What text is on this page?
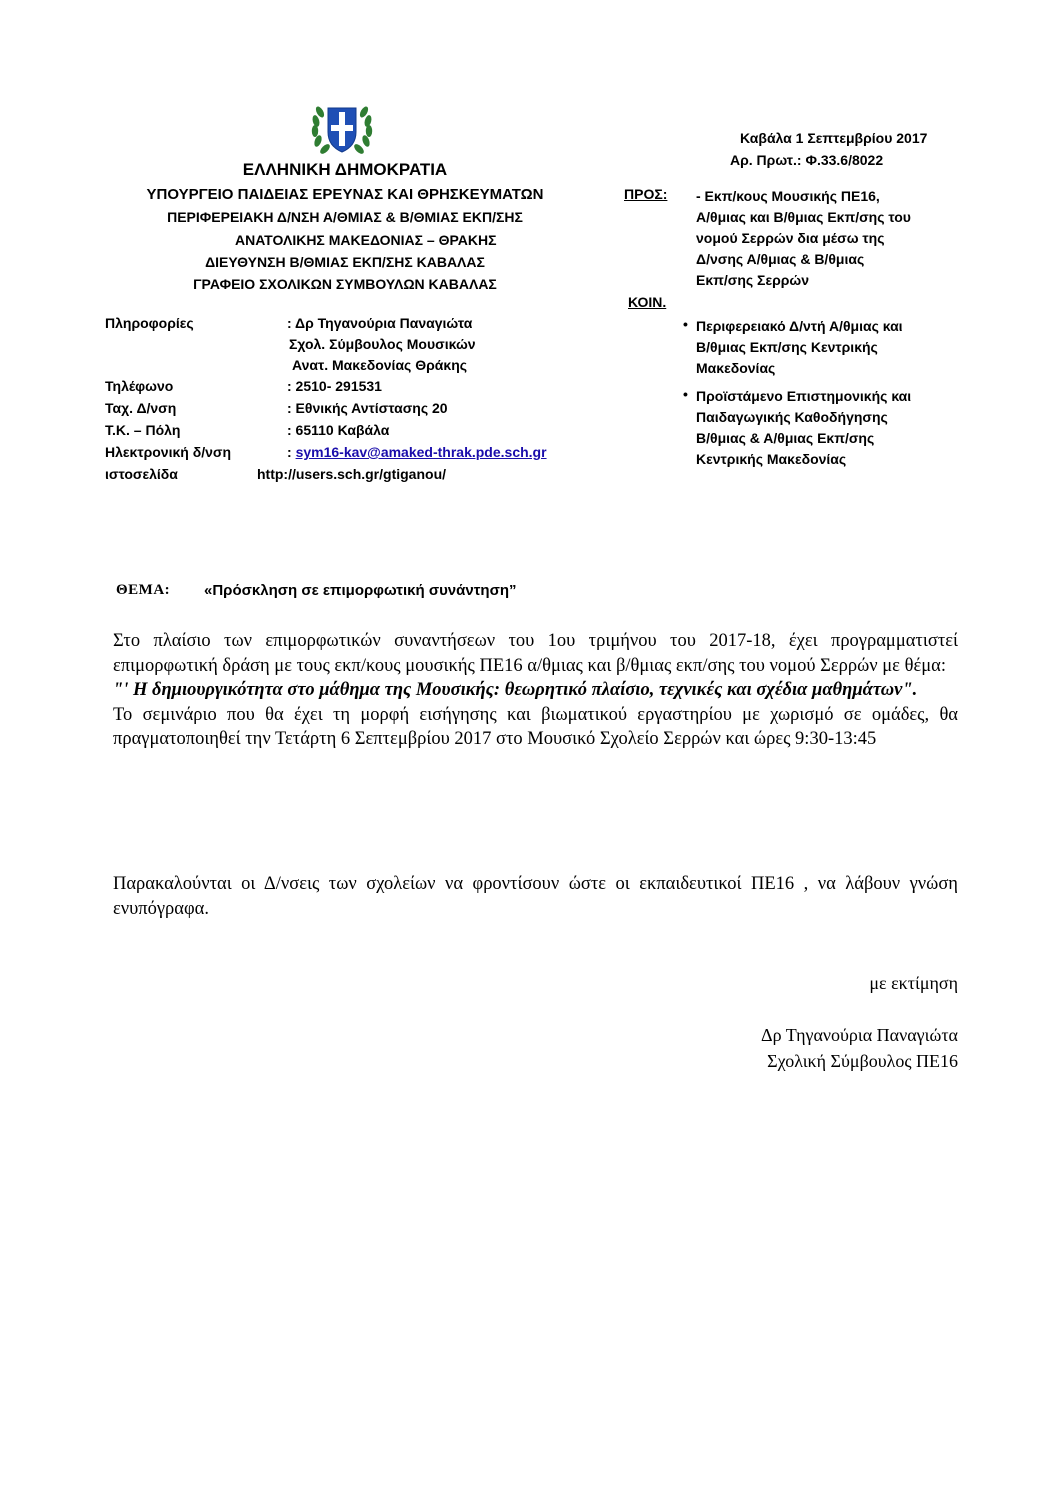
ΕΛΛΗΝΙΚΗ ΔΗΜΟΚΡΑΤΙΑ
ΥΠΟΥΡΓΕΙΟ ΠΑΙΔΕΙΑΣ ΕΡΕΥΝΑΣ ΚΑΙ ΘΡΗΣΚΕΥΜΑΤΩΝ
ΠΕΡΙΦΕΡΕΙΑΚΗ Δ/ΝΣΗ Α/ΘΜΙΑΣ & Β/ΘΜΙΑΣ ΕΚΠ/ΣΗΣ
ΑΝΑΤΟΛΙΚΗΣ ΜΑΚΕΔΟΝΙΑΣ – ΘΡΑΚΗΣ
ΔΙΕΥΘΥΝΣΗ Β/ΘΜΙΑΣ ΕΚΠ/ΣΗΣ ΚΑΒΑΛΑΣ
ΓΡΑΦΕΙΟ ΣΧΟΛΙΚΩΝ ΣΥΜΒΟΥΛΩΝ ΚΑΒΑΛΑΣ
Πληροφορίες	: Δρ Τηγανούρια Παναγιώτα
Σχολ. Σύμβουλος Μουσικών
Ανατ. Μακεδονίας Θράκης
Τηλέφωνο	: 2510- 291531
Ταχ. Δ/νση	: Εθνικής Αντίστασης 20
Τ.Κ. – Πόλη	: 65110 Καβάλα
Ηλεκτρονική δ/νση	: sym16-kav@amaked-thrak.pde.sch.gr
ιστοσελίδα	http://users.sch.gr/gtiganou/
Καβάλα 1 Σεπτεμβρίου 2017
Αρ. Πρωτ.: Φ.33.6/8022
ΠΡΟΣ: - Εκπ/κους Μουσικής ΠΕ16,
Α/θμιας και Β/θμιας Εκπ/σης του
νομού Σερρών δια μέσω της
Δ/νσης Α/θμιας & Β/θμιας
Εκπ/σης Σερρών
ΚΟΙΝ.
• Περιφερειακό Δ/ντή Α/θμιας και
Β/θμιας Εκπ/σης Κεντρικής
Μακεδονίας
• Προϊστάμενο Επιστημονικής και
Παιδαγωγικής Καθοδήγησης
Β/θμιας & Α/θμιας Εκπ/σης
Κεντρικής Μακεδονίας
ΘΕΜΑ: «Πρόσκληση σε επιμορφωτική συνάντηση”
Στο πλαίσιο των επιμορφωτικών συναντήσεων του 1ου τριμήνου του 2017-18, έχει προγραμματιστεί επιμορφωτική δράση με τους εκπ/κους μουσικής ΠΕ16 α/θμιας και β/θμιας εκπ/σης του νομού Σερρών με θέμα:
"' Η δημιουργικότητα στο μάθημα της Μουσικής: θεωρητικό πλαίσιο, τεχνικές και σχέδια μαθημάτων".
Το σεμινάριο που θα έχει τη μορφή εισήγησης και βιωματικού εργαστηρίου με χωρισμό σε ομάδες, θα πραγματοποιηθεί την Τετάρτη 6 Σεπτεμβρίου 2017 στο Μουσικό Σχολείο Σερρών και ώρες 9:30-13:45
Παρακαλούνται οι Δ/νσεις των σχολείων να φροντίσουν ώστε οι εκπαιδευτικοί ΠΕ16 , να λάβουν γνώση ενυπόγραφα.
με εκτίμηση
Δρ Τηγανούρια Παναγιώτα
Σχολική Σύμβουλος ΠΕ16
